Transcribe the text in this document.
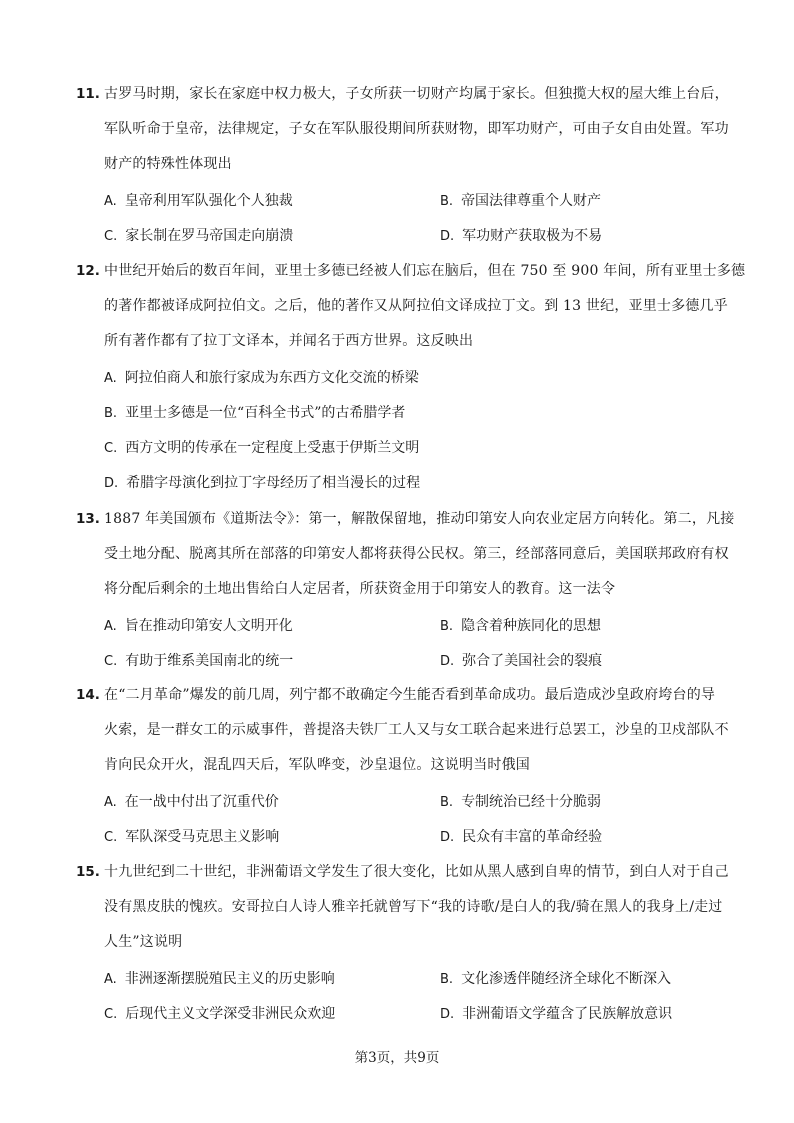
11. 古罗马时期，家长在家庭中权力极大，子女所获一切财产均属于家长。但独揽大权的屋大维上台后，
军队听命于皇帝，法律规定，子女在军队服役期间所获财物，即军功财产，可由子女自由处置。军功
财产的特殊性体现出
A. 皇帝利用军队强化个人独裁	B. 帝国法律尊重个人财产
C. 家长制在罗马帝国走向崩溃	D. 军功财产获取极为不易
12. 中世纪开始后的数百年间，亚里士多德已经被人们忘在脑后，但在 750 至 900 年间，所有亚里士多德
的著作都被译成阿拉伯文。之后，他的著作又从阿拉伯文译成拉丁文。到 13 世纪，亚里士多德几乎
所有著作都有了拉丁文译本，并闻名于西方世界。这反映出
A. 阿拉伯商人和旅行家成为东西方文化交流的桥梁
B. 亚里士多德是一位“百科全书式”的古希腊学者
C. 西方文明的传承在一定程度上受惠于伊斯兰文明
D. 希腊字母演化到拉丁字母经历了相当漫长的过程
13. 1887 年美国颁布《道斯法令》：第一，解散保留地，推动印第安人向农业定居方向转化。第二，凡接
受土地分配、脱离其所在部落的印第安人都将获得公民权。第三，经部落同意后，美国联邦政府有权
将分配后剩余的土地出售给白人定居者，所获资金用于印第安人的教育。这一法令
A. 旨在推动印第安人文明开化	B. 隐含着种族同化的思想
C. 有助于维系美国南北的统一	D. 弥合了美国社会的裂痕
14. 在“二月革命”爆发的前几周，列宁都不敢确定今生能否看到革命成功。最后造成沙皇政府垮台的导
火索，是一群女工的示威事件，普提洛夫铁厂工人又与女工联合起来进行总罢工，沙皇的卫戍部队不
肯向民众开火，混乱四天后，军队哗变，沙皇退位。这说明当时俄国
A. 在一战中付出了沉重代价	B. 专制统治已经十分脆弱
C. 军队深受马克思主义影响	D. 民众有丰富的革命经验
15. 十九世纪到二十世纪，非洲葡语文学发生了很大变化，比如从黑人感到自卑的情节，到白人对于自己
没有黑皮肤的愧疚。安哥拉白人诗人雅辛托就曾写下“我的诗歌/是白人的我/骑在黑人的我身上/走过
人生”这说明
A. 非洲逐渐摆脱殖民主义的历史影响	B. 文化渗透伴随经济全球化不断深入
C. 后现代主义文学深受非洲民众欢迎	D. 非洲葡语文学蕴含了民族解放意识
第3页，共9页
